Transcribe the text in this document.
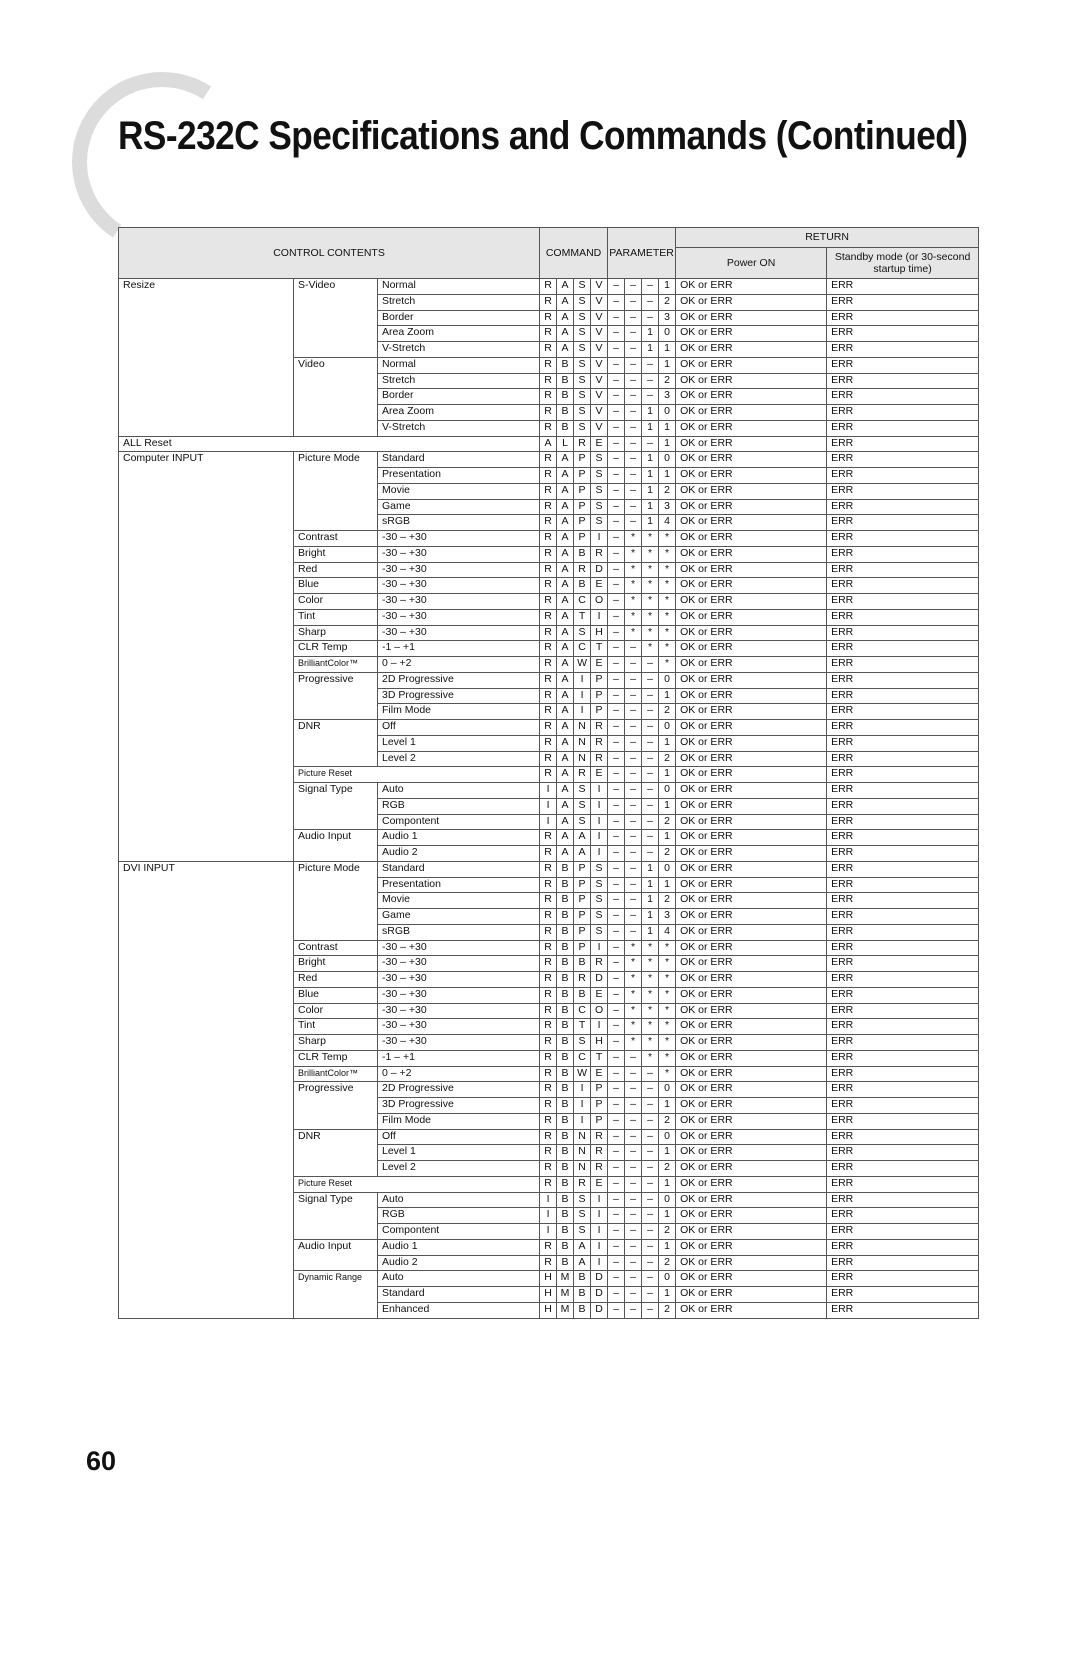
RS-232C Specifications and Commands (Continued)
CONTROL CONTENTS			COMMAND				PARAMETER				RETURN	
											Power ON	Standby mode (or 30-second startup time)
Resize	S-Video	Normal	R	A	S	V	–	–	–	1	OK or ERR	ERR
		Stretch	R	A	S	V	–	–	–	2	OK or ERR	ERR
		Border	R	A	S	V	–	–	–	3	OK or ERR	ERR
		Area Zoom	R	A	S	V	–	–	1	0	OK or ERR	ERR
		V-Stretch	R	A	S	V	–	–	1	1	OK or ERR	ERR
	Video	Normal	R	B	S	V	–	–	–	1	OK or ERR	ERR
		Stretch	R	B	S	V	–	–	–	2	OK or ERR	ERR
		Border	R	B	S	V	–	–	–	3	OK or ERR	ERR
		Area Zoom	R	B	S	V	–	–	1	0	OK or ERR	ERR
		V-Stretch	R	B	S	V	–	–	1	1	OK or ERR	ERR
ALL Reset			A	L	R	E	–	–	–	1	OK or ERR	ERR
Computer INPUT	Picture Mode	Standard	R	A	P	S	–	–	1	0	OK or ERR	ERR
		Presentation	R	A	P	S	–	–	1	1	OK or ERR	ERR
		Movie	R	A	P	S	–	–	1	2	OK or ERR	ERR
		Game	R	A	P	S	–	–	1	3	OK or ERR	ERR
		sRGB	R	A	P	S	–	–	1	4	OK or ERR	ERR
	Contrast	-30 – +30	R	A	P	I	–	*	*	*	OK or ERR	ERR
	Bright	-30 – +30	R	A	B	R	–	*	*	*	OK or ERR	ERR
	Red	-30 – +30	R	A	R	D	–	*	*	*	OK or ERR	ERR
	Blue	-30 – +30	R	A	B	E	–	*	*	*	OK or ERR	ERR
	Color	-30 – +30	R	A	C	O	–	*	*	*	OK or ERR	ERR
	Tint	-30 – +30	R	A	T	I	–	*	*	*	OK or ERR	ERR
	Sharp	-30 – +30	R	A	S	H	–	*	*	*	OK or ERR	ERR
	CLR Temp	-1 – +1	R	A	C	T	–	–	*	*	OK or ERR	ERR
	BrilliantColor™	0 – +2	R	A	W	E	–	–	–	*	OK or ERR	ERR
	Progressive	2D Progressive	R	A	I	P	–	–	–	0	OK or ERR	ERR
		3D Progressive	R	A	I	P	–	–	–	1	OK or ERR	ERR
		Film Mode	R	A	I	P	–	–	–	2	OK or ERR	ERR
	DNR	Off	R	A	N	R	–	–	–	0	OK or ERR	ERR
		Level 1	R	A	N	R	–	–	–	1	OK or ERR	ERR
		Level 2	R	A	N	R	–	–	–	2	OK or ERR	ERR
	Picture Reset		R	A	R	E	–	–	–	1	OK or ERR	ERR
	Signal Type	Auto	I	A	S	I	–	–	–	0	OK or ERR	ERR
		RGB	I	A	S	I	–	–	–	1	OK or ERR	ERR
		Compontent	I	A	S	I	–	–	–	2	OK or ERR	ERR
	Audio Input	Audio 1	R	A	A	I	–	–	–	1	OK or ERR	ERR
		Audio 2	R	A	A	I	–	–	–	2	OK or ERR	ERR
DVI INPUT	Picture Mode	Standard	R	B	P	S	–	–	1	0	OK or ERR	ERR
		Presentation	R	B	P	S	–	–	1	1	OK or ERR	ERR
		Movie	R	B	P	S	–	–	1	2	OK or ERR	ERR
		Game	R	B	P	S	–	–	1	3	OK or ERR	ERR
		sRGB	R	B	P	S	–	–	1	4	OK or ERR	ERR
	Contrast	-30 – +30	R	B	P	I	–	*	*	*	OK or ERR	ERR
	Bright	-30 – +30	R	B	B	R	–	*	*	*	OK or ERR	ERR
	Red	-30 – +30	R	B	R	D	–	*	*	*	OK or ERR	ERR
	Blue	-30 – +30	R	B	B	E	–	*	*	*	OK or ERR	ERR
	Color	-30 – +30	R	B	C	O	–	*	*	*	OK or ERR	ERR
	Tint	-30 – +30	R	B	T	I	–	*	*	*	OK or ERR	ERR
	Sharp	-30 – +30	R	B	S	H	–	*	*	*	OK or ERR	ERR
	CLR Temp	-1 – +1	R	B	C	T	–	–	*	*	OK or ERR	ERR
	BrilliantColor™	0 – +2	R	B	W	E	–	–	–	*	OK or ERR	ERR
	Progressive	2D Progressive	R	B	I	P	–	–	–	0	OK or ERR	ERR
		3D Progressive	R	B	I	P	–	–	–	1	OK or ERR	ERR
		Film Mode	R	B	I	P	–	–	–	2	OK or ERR	ERR
	DNR	Off	R	B	N	R	–	–	–	0	OK or ERR	ERR
		Level 1	R	B	N	R	–	–	–	1	OK or ERR	ERR
		Level 2	R	B	N	R	–	–	–	2	OK or ERR	ERR
	Picture Reset		R	B	R	E	–	–	–	1	OK or ERR	ERR
	Signal Type	Auto	I	B	S	I	–	–	–	0	OK or ERR	ERR
		RGB	I	B	S	I	–	–	–	1	OK or ERR	ERR
		Compontent	I	B	S	I	–	–	–	2	OK or ERR	ERR
	Audio Input	Audio 1	R	B	A	I	–	–	–	1	OK or ERR	ERR
		Audio 2	R	B	A	I	–	–	–	2	OK or ERR	ERR
	Dynamic Range	Auto	H	M	B	D	–	–	–	0	OK or ERR	ERR
		Standard	H	M	B	D	–	–	–	1	OK or ERR	ERR
		Enhanced	H	M	B	D	–	–	–	2	OK or ERR	ERR
60
